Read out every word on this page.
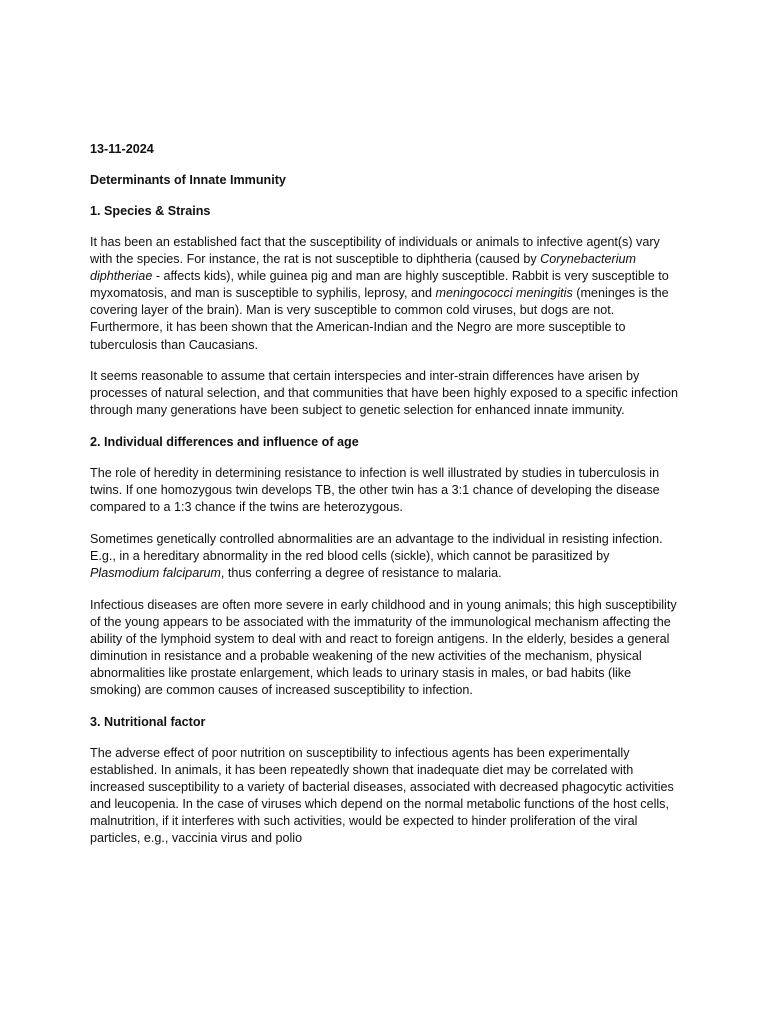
13-11-2024
Determinants of Innate Immunity
1. Species & Strains

It has been an established fact that the susceptibility of individuals or animals to infective agent(s) vary with the species. For instance, the rat is not susceptible to diphtheria (caused by Corynebacterium diphtheriae - affects kids), while guinea pig and man are highly susceptible. Rabbit is very susceptible to myxomatosis, and man is susceptible to syphilis, leprosy, and meningococci meningitis (meninges is the covering layer of the brain). Man is very susceptible to common cold viruses, but dogs are not. Furthermore, it has been shown that the American-Indian and the Negro are more susceptible to tuberculosis than Caucasians.

It seems reasonable to assume that certain interspecies and inter-strain differences have arisen by processes of natural selection, and that communities that have been highly exposed to a specific infection through many generations have been subject to genetic selection for enhanced innate immunity.

2. Individual differences and influence of age

The role of heredity in determining resistance to infection is well illustrated by studies in tuberculosis in twins. If one homozygous twin develops TB, the other twin has a 3:1 chance of developing the disease compared to a 1:3 chance if the twins are heterozygous.

Sometimes genetically controlled abnormalities are an advantage to the individual in resisting infection. E.g., in a hereditary abnormality in the red blood cells (sickle), which cannot be parasitized by Plasmodium falciparum, thus conferring a degree of resistance to malaria.

Infectious diseases are often more severe in early childhood and in young animals; this high susceptibility of the young appears to be associated with the immaturity of the immunological mechanism affecting the ability of the lymphoid system to deal with and react to foreign antigens. In the elderly, besides a general diminution in resistance and a probable weakening of the new activities of the mechanism, physical abnormalities like prostate enlargement, which leads to urinary stasis in males, or bad habits (like smoking) are common causes of increased susceptibility to infection.

3. Nutritional factor

The adverse effect of poor nutrition on susceptibility to infectious agents has been experimentally established. In animals, it has been repeatedly shown that inadequate diet may be correlated with increased susceptibility to a variety of bacterial diseases, associated with decreased phagocytic activities and leucopenia. In the case of viruses which depend on the normal metabolic functions of the host cells, malnutrition, if it interferes with such activities, would be expected to hinder proliferation of the viral particles, e.g., vaccinia virus and polio
